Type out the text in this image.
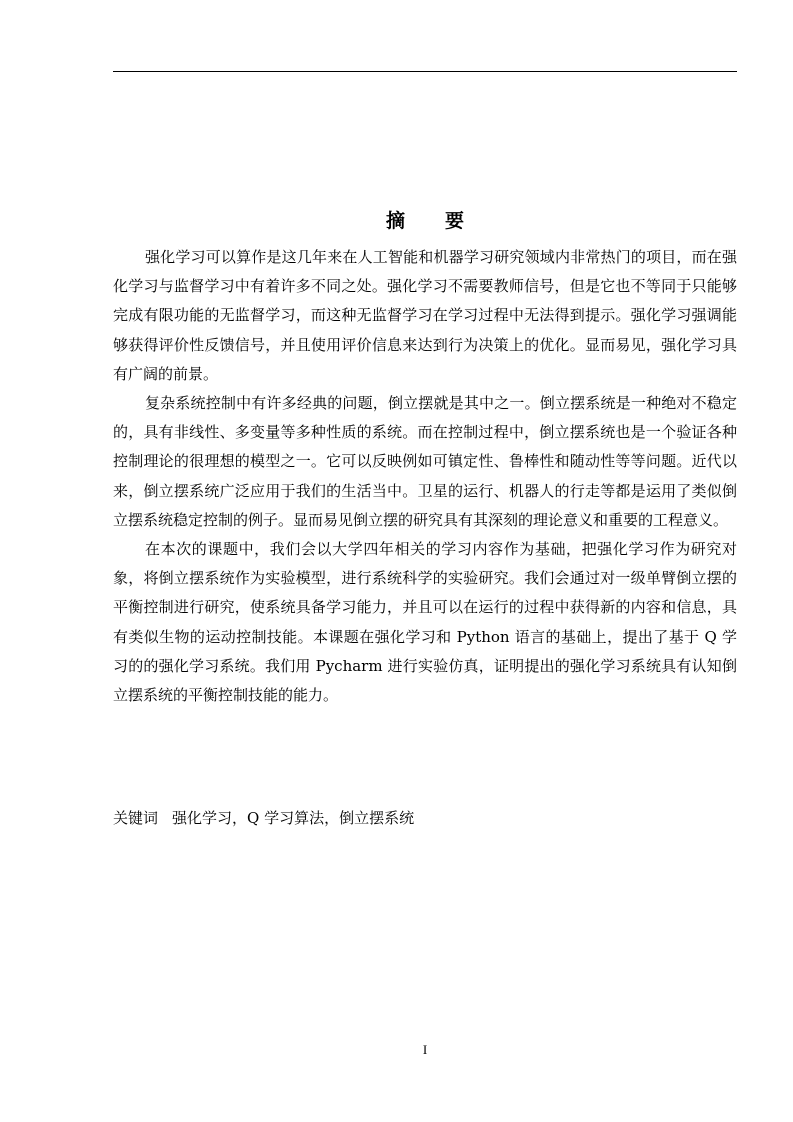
摘 要

强化学习可以算作是这几年来在人工智能和机器学习研究领域内非常热门的项目，而在强化学习与监督学习中有着许多不同之处。强化学习不需要教师信号，但是它也不等同于只能够完成有限功能的无监督学习，而这种无监督学习在学习过程中无法得到提示。强化学习强调能够获得评价性反馈信号，并且使用评价信息来达到行为决策上的优化。显而易见，强化学习具有广阔的前景。

复杂系统控制中有许多经典的问题，倒立摆就是其中之一。倒立摆系统是一种绝对不稳定的，具有非线性、多变量等多种性质的系统。而在控制过程中，倒立摆系统也是一个验证各种控制理论的很理想的模型之一。它可以反映例如可镇定性、鲁棒性和随动性等等问题。近代以来，倒立摆系统广泛应用于我们的生活当中。卫星的运行、机器人的行走等都是运用了类似倒立摆系统稳定控制的例子。显而易见倒立摆的研究具有其深刻的理论意义和重要的工程意义。

在本次的课题中，我们会以大学四年相关的学习内容作为基础，把强化学习作为研究对象，将倒立摆系统作为实验模型，进行系统科学的实验研究。我们会通过对一级单臂倒立摆的平衡控制进行研究，使系统具备学习能力，并且可以在运行的过程中获得新的内容和信息，具有类似生物的运动控制技能。本课题在强化学习和 Python 语言的基础上，提出了基于 Q 学习的的强化学习系统。我们用 Pycharm 进行实验仿真，证明提出的强化学习系统具有认知倒立摆系统的平衡控制技能的能力。

关键词 强化学习，Q 学习算法，倒立摆系统
I
